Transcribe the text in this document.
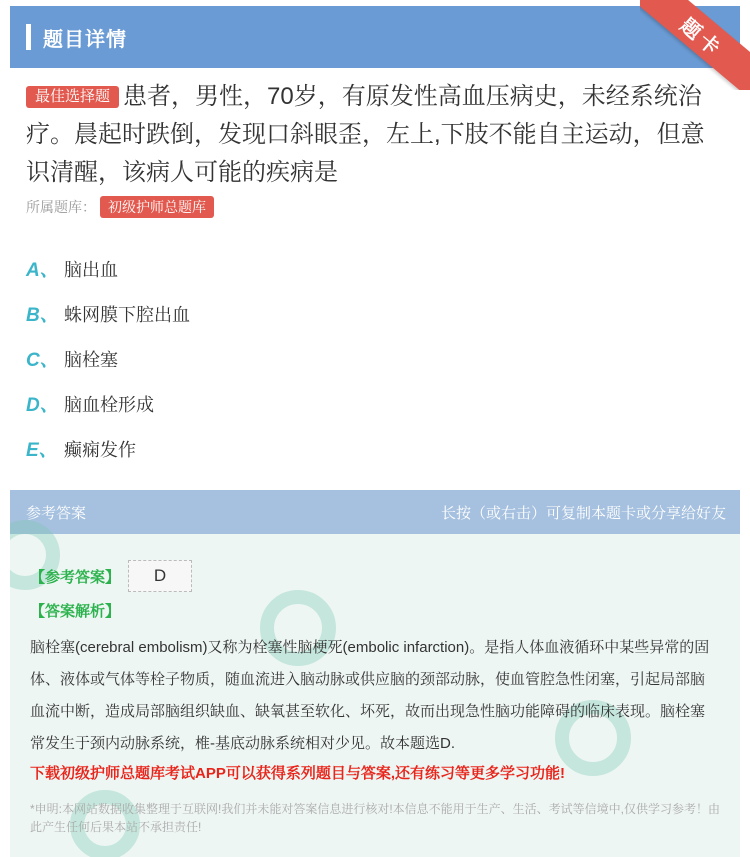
题目详情	题卡
最佳选择题 患者，男性，70岁，有原发性高血压病史，未经系统治疗。晨起时跌倒，发现口斜眼歪，左上,下肢不能自主运动，但意识清醒，该病人可能的疾病是
所属题库： 初级护师总题库
A、 脑出血
B、 蛛网膜下腔出血
C、 脑栓塞
D、 脑血栓形成
E、 癫痫发作
参考答案	长按（或右击）可复制本题卡或分享给好友
【参考答案】	D
【答案解析】
脑栓塞(cerebral embolism)又称为栓塞性脑梗死(embolic infarction)。是指人体血液循环中某些异常的固体、液体或气体等栓子物质，随血流进入脑动脉或供应脑的颈部动脉，使血管腔急性闭塞，引起局部脑血流中断，造成局部脑组织缺血、缺氧甚至软化、坏死，故而出现急性脑功能障碍的临床表现。脑栓塞常发生于颈内动脉系统，椎-基底动脉系统相对少见。故本题选D.
下载初级护师总题库考试APP可以获得系列题目与答案,还有练习等更多学习功能!
*申明:本网站数据收集整理于互联网!我们并未能对答案信息进行核对!本信息不能用于生产、生活、考试等信境中,仅供学习参考！由此产生任何后果本站不承担责任!
